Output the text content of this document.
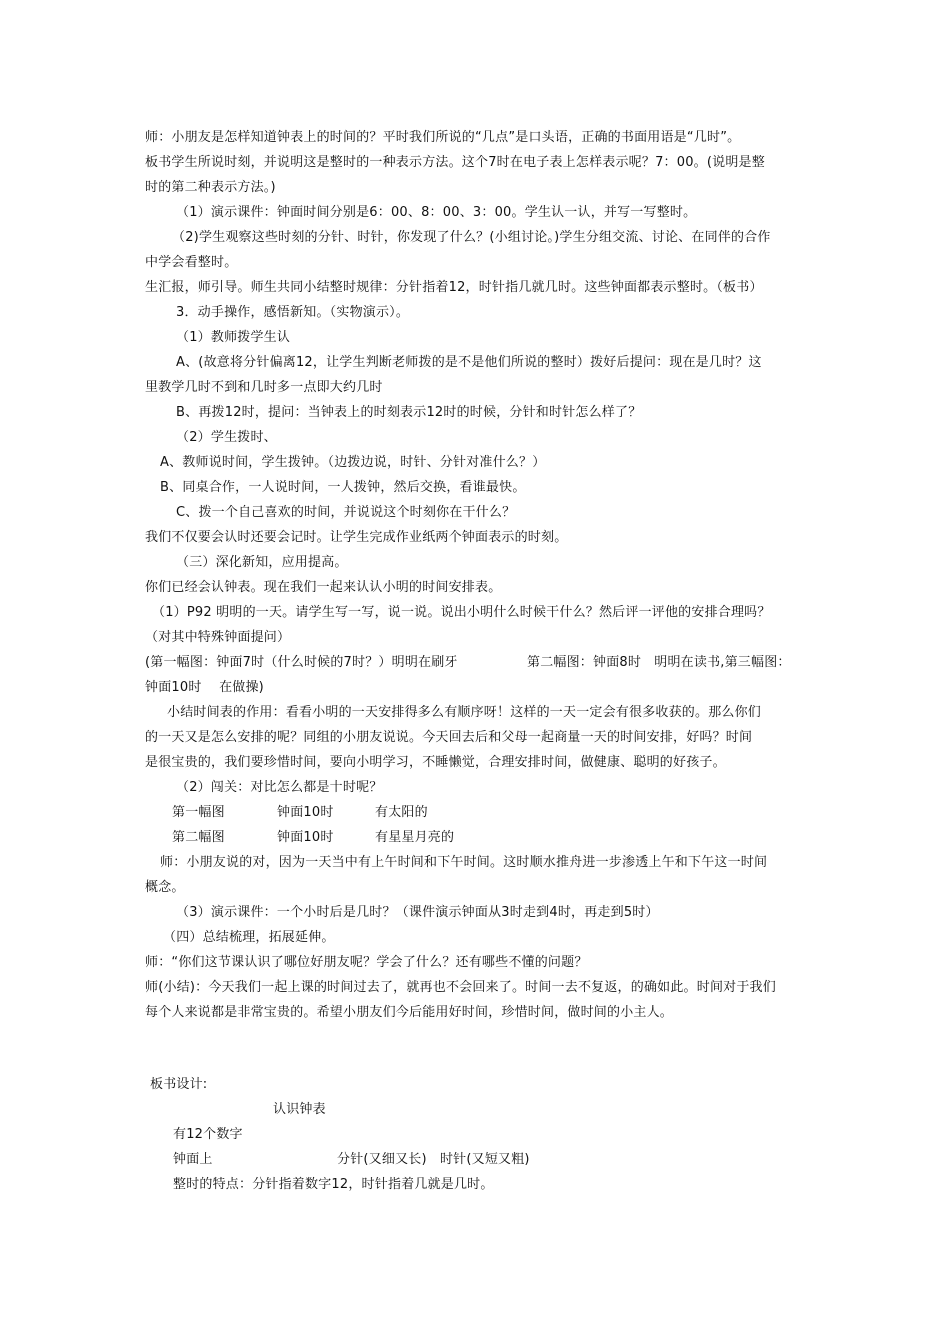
师：小朋友是怎样知道钟表上的时间的？平时我们所说的“几点”是口头语，正确的书面用语是“几时”。
板书学生所说时刻，并说明这是整时的一种表示方法。这个7时在电子表上怎样表示呢？7：00。(说明是整
时的第二种表示方法。)
（1）演示课件：钟面时间分别是6：00、8：00、3：00。学生认一认，并写一写整时。
（2)学生观察这些时刻的分针、时针，你发现了什么？(小组讨论。)学生分组交流、讨论、在同伴的合作
中学会看整时。
生汇报，师引导。师生共同小结整时规律：分针指着12，时针指几就几时。这些钟面都表示整时。（板书）
3．动手操作，感悟新知。（实物演示）。
（1）教师拨学生认
A、(故意将分针偏离12，让学生判断老师拨的是不是他们所说的整时）拨好后提问：现在是几时？这
里教学几时不到和几时多一点即大约几时
B、再拨12时，提问：当钟表上的时刻表示12时的时候，分针和时针怎么样了？
（2）学生拨时、
A、教师说时间，学生拨钟。（边拨边说，时针、分针对准什么？）
B、同桌合作，一人说时间，一人拨钟，然后交换，看谁最快。
C、拨一个自己喜欢的时间，并说说这个时刻你在干什么？
我们不仅要会认时还要会记时。让学生完成作业纸两个钟面表示的时刻。
（三）深化新知，应用提高。
你们已经会认钟表。现在我们一起来认认小明的时间安排表。
（1）P92 明明的一天。请学生写一写，说一说。说出小明什么时候干什么？然后评一评他的安排合理吗？
（对其中特殊钟面提问）
(第一幅图：钟面7时（什么时候的7时？）明明在刷牙	第二幅图：钟面8时　明明在读书,第三幅图：
钟面10时　 在做操)
小结时间表的作用：看看小明的一天安排得多么有顺序呀！这样的一天一定会有很多收获的。那么你们
的一天又是怎么安排的呢？同组的小朋友说说。今天回去后和父母一起商量一天的时间安排，好吗？时间
是很宝贵的，我们要珍惜时间，要向小明学习，不睡懒觉，合理安排时间，做健康、聪明的好孩子。
（2）闯关：对比怎么都是十时呢？
第一幅图	钟面10时	有太阳的
第二幅图	钟面10时	有星星月亮的
师：小朋友说的对，因为一天当中有上午时间和下午时间。这时顺水推舟进一步渗透上午和下午这一时间
概念。
（3）演示课件：一个小时后是几时？（课件演示钟面从3时走到4时，再走到5时）
（四）总结梳理，拓展延伸。
师：“你们这节课认识了哪位好朋友呢？学会了什么？还有哪些不懂的问题？
师(小结)：今天我们一起上课的时间过去了，就再也不会回来了。时间一去不复返，的确如此。时间对于我们
每个人来说都是非常宝贵的。希望小朋友们今后能用好时间，珍惜时间，做时间的小主人。
板书设计:
认识钟表
有12个数字
钟面上	分针(又细又长)　时针(又短又粗)
整时的特点：分针指着数字12，时针指着几就是几时。
